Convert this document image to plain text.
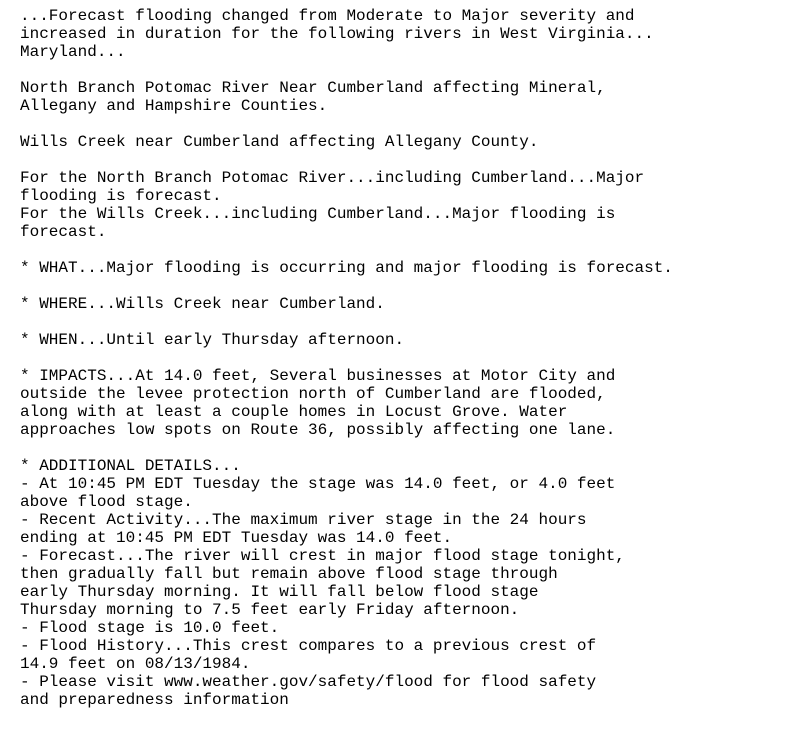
...Forecast flooding changed from Moderate to Major severity and
increased in duration for the following rivers in West Virginia...
Maryland...
North Branch Potomac River Near Cumberland affecting Mineral,
Allegany and Hampshire Counties.
Wills Creek near Cumberland affecting Allegany County.
For the North Branch Potomac River...including Cumberland...Major
flooding is forecast.
For the Wills Creek...including Cumberland...Major flooding is
forecast.
* WHAT...Major flooding is occurring and major flooding is forecast.
* WHERE...Wills Creek near Cumberland.
* WHEN...Until early Thursday afternoon.
* IMPACTS...At 14.0 feet, Several businesses at Motor City and
outside the levee protection north of Cumberland are flooded,
along with at least a couple homes in Locust Grove. Water
approaches low spots on Route 36, possibly affecting one lane.
* ADDITIONAL DETAILS...
- At 10:45 PM EDT Tuesday the stage was 14.0 feet, or 4.0 feet
above flood stage.
- Recent Activity...The maximum river stage in the 24 hours
ending at 10:45 PM EDT Tuesday was 14.0 feet.
- Forecast...The river will crest in major flood stage tonight,
then gradually fall but remain above flood stage through
early Thursday morning. It will fall below flood stage
Thursday morning to 7.5 feet early Friday afternoon.
- Flood stage is 10.0 feet.
- Flood History...This crest compares to a previous crest of
14.9 feet on 08/13/1984.
- Please visit www.weather.gov/safety/flood for flood safety
and preparedness information
